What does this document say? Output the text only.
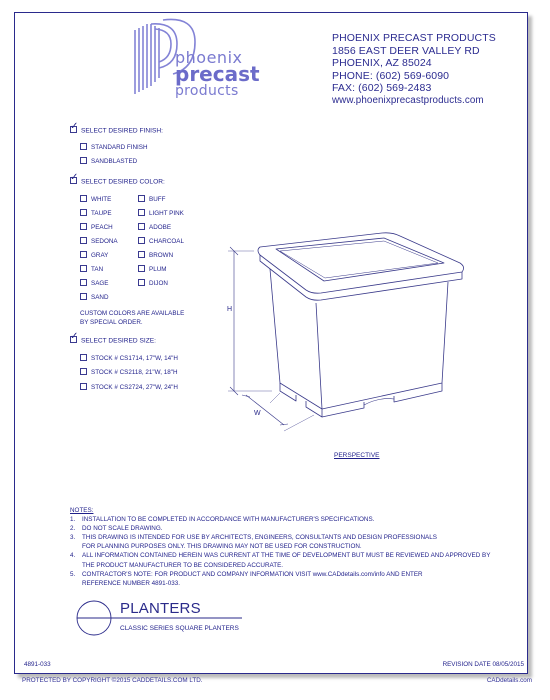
phoenix
precast
products
PHOENIX PRECAST PRODUCTS
1856 EAST DEER VALLEY RD
PHOENIX, AZ 85024
PHONE: (602) 569-6090
FAX: (602) 569-2483
www.phoenixprecastproducts.com
✓ SELECT DESIRED FINISH:
STANDARD FINISH
SANDBLASTED
✓ SELECT DESIRED COLOR:
WHITE
TAUPE
PEACH
SEDONA
GRAY
TAN
SAGE
SAND
BUFF
LIGHT PINK
ADOBE
CHARCOAL
BROWN
PLUM
DIJON
CUSTOM COLORS ARE AVAILABLE
BY SPECIAL ORDER.
✓ SELECT DESIRED SIZE:
STOCK # CS1714, 17"W, 14"H
STOCK # CS2118, 21"W, 18"H
STOCK # CS2724, 27"W, 24"H
H
W
PERSPECTIVE
NOTES:
1. INSTALLATION TO BE COMPLETED IN ACCORDANCE WITH MANUFACTURER'S SPECIFICATIONS.
2. DO NOT SCALE DRAWING.
3. THIS DRAWING IS INTENDED FOR USE BY ARCHITECTS, ENGINEERS, CONSULTANTS AND DESIGN PROFESSIONALS
FOR PLANNING PURPOSES ONLY. THIS DRAWING MAY NOT BE USED FOR CONSTRUCTION.
4. ALL INFORMATION CONTAINED HEREIN WAS CURRENT AT THE TIME OF DEVELOPMENT BUT MUST BE REVIEWED AND APPROVED BY
THE PRODUCT MANUFACTURER TO BE CONSIDERED ACCURATE.
5. CONTRACTOR'S NOTE: FOR PRODUCT AND COMPANY INFORMATION VISIT www.CADdetails.com/info AND ENTER
REFERENCE NUMBER 4891-033.
PLANTERS
CLASSIC SERIES SQUARE PLANTERS
4891-033	REVISION DATE 08/05/2015
PROTECTED BY COPYRIGHT ©2015 CADDETAILS.COM LTD.	CADdetails.com
